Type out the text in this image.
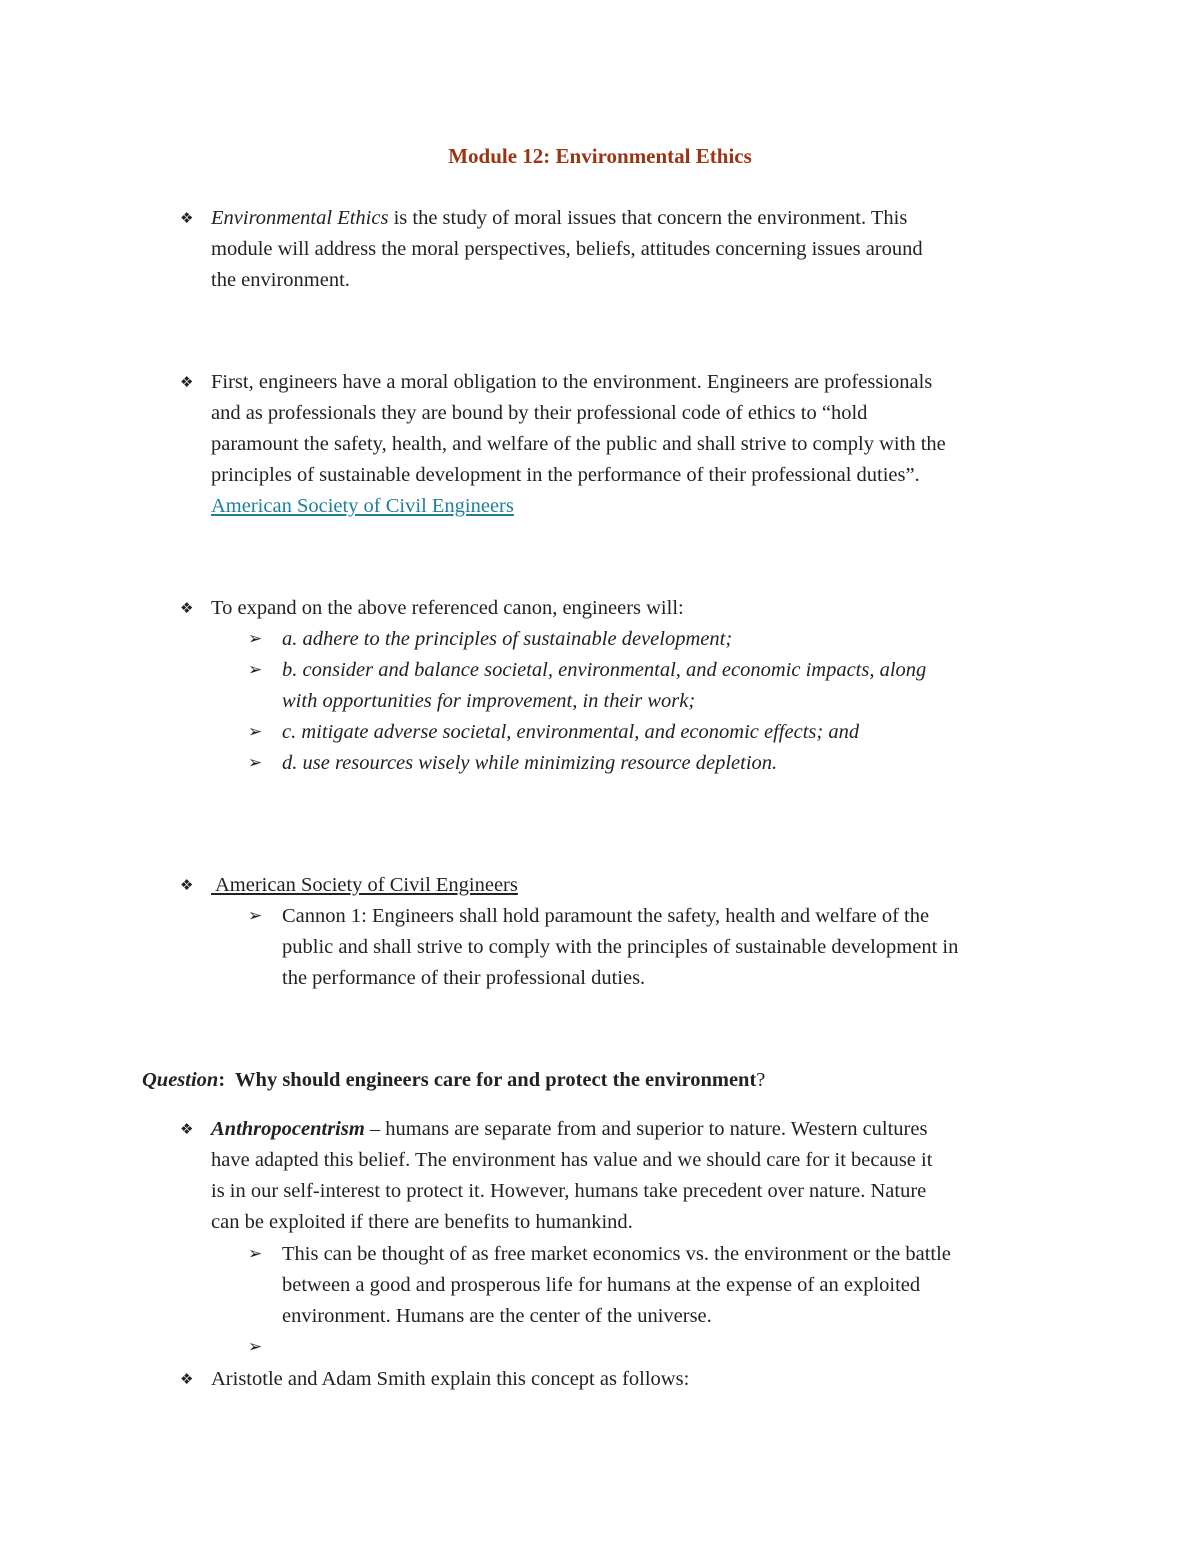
Module 12: Environmental Ethics
❖ Environmental Ethics is the study of moral issues that concern the environment. This
module will address the moral perspectives, beliefs, attitudes concerning issues around
the environment.
❖ First, engineers have a moral obligation to the environment. Engineers are professionals
and as professionals they are bound by their professional code of ethics to “hold
paramount the safety, health, and welfare of the public and shall strive to comply with the
principles of sustainable development in the performance of their professional duties”.
American Society of Civil Engineers
❖ To expand on the above referenced canon, engineers will:
➢ a. adhere to the principles of sustainable development;
➢ b. consider and balance societal, environmental, and economic impacts, along
with opportunities for improvement, in their work;
➢ c. mitigate adverse societal, environmental, and economic effects; and
➢ d. use resources wisely while minimizing resource depletion.
❖ American Society of Civil Engineers
➢ Cannon 1: Engineers shall hold paramount the safety, health and welfare of the
public and shall strive to comply with the principles of sustainable development in
the performance of their professional duties.
Question:  Why should engineers care for and protect the environment?
❖ Anthropocentrism – humans are separate from and superior to nature. Western cultures
have adapted this belief. The environment has value and we should care for it because it
is in our self-interest to protect it. However, humans take precedent over nature. Nature
can be exploited if there are benefits to humankind.
➢ This can be thought of as free market economics vs. the environment or the battle
between a good and prosperous life for humans at the expense of an exploited
environment. Humans are the center of the universe.
➢
❖ Aristotle and Adam Smith explain this concept as follows:
